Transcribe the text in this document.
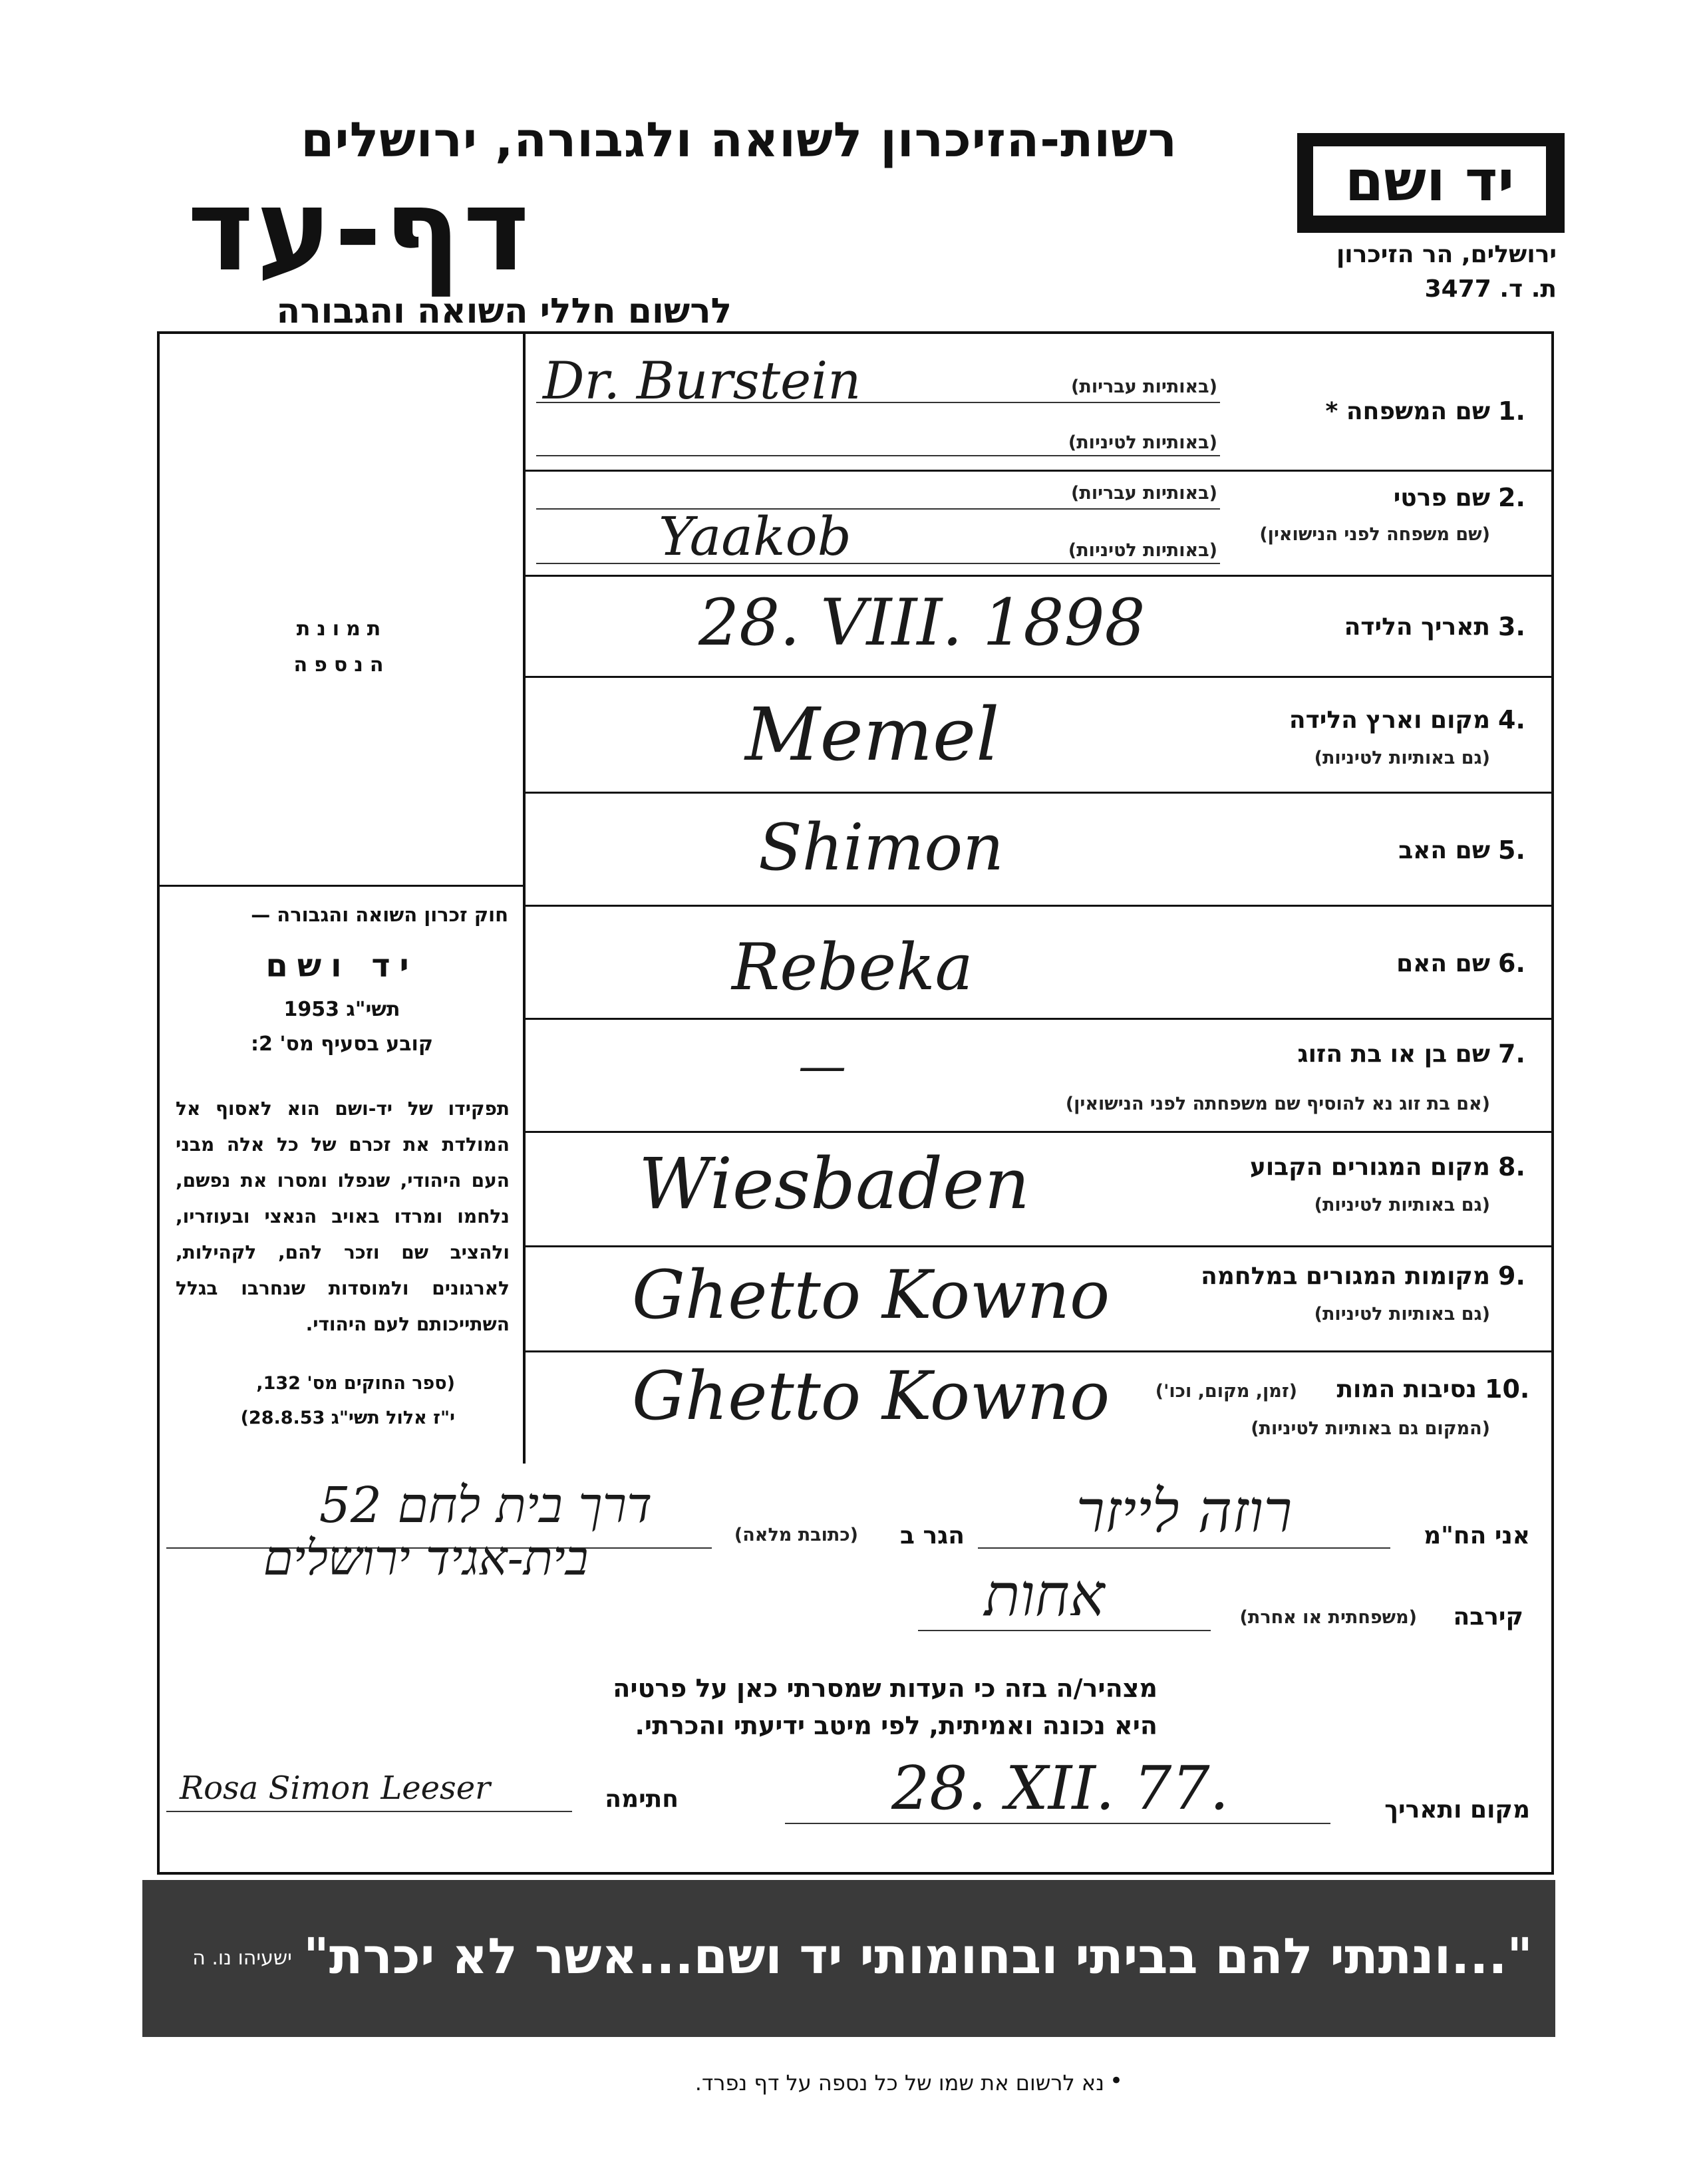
רשות-הזיכרון לשואה ולגבורה, ירושלים
דף-עד
לרשום חללי השואה והגבורה
יד ושם
ירושלים, הר הזיכרון
ת. ד. 3477
תמונת
הנספה
חוק זכרון השואה והגבורה —
יד ושם
תשי"ג 1953
קובע בסעיף מס' 2:
תפקידו של יד-ושם הוא לאסוף אל המולדת את זכרם של כל אלה מבני העם היהודי, שנפלו ומסרו את נפשם, נלחמו ומרדו באויב הנאצי ובעוזריו, ולהציב שם וזכר להם, לקהילות, לארגונים ולמוסדות שנחרבו בגלל השתייכותם לעם היהודי.
(ספר החוקים מס' 132,
י"ז אלול תשי"ג 28.8.53)
1.
שם המשפחה *
(באותיות עבריות)
(באותיות לטיניות)
Dr. Burstein
2.
שם פרטי
(שם משפחה לפני הנישואין)
(באותיות עבריות)
(באותיות לטיניות)
Yaakob
3.
תאריך הלידה
28. VIII. 1898
4.
מקום וארץ הלידה
(גם באותיות לטיניות)
Memel
5.
שם האב
Shimon
6.
שם האם
Rebeka
7.
שם בן או בת הזוג
(אם בת זוג נא להוסיף שם משפחתה לפני הנישואין)
—
8.
מקום המגורים הקבוע
(גם באותיות לטיניות)
Wiesbaden
9.
מקומות המגורים במלחמה
(גם באותיות לטיניות)
Ghetto Kowno
10.
נסיבות המות
(זמן, מקום, וכו')
(המקום גם באותיות לטיניות)
Ghetto Kowno
אני הח"מ
רוזה לייזר
הגר ב
(כתובת מלאה)
דרך בית לחם 52
בית-אגיד ירושלים
קירבה
(משפחתית או אחרת)
אחות
מצהיר/ה בזה כי העדות שמסרתי כאן על פרטיה
היא נכונה ואמיתית, לפי מיטב ידיעתי והכרתי.
מקום ותאריך
28. XII. 77.
חתימה
Rosa Simon Leeser
"...ונתתי להם בביתי ובחומותי יד ושם...אשר לא יכרת"
ישעיהו נו. ה
נא לרשום את שמו של כל נספה על דף נפרד. •
